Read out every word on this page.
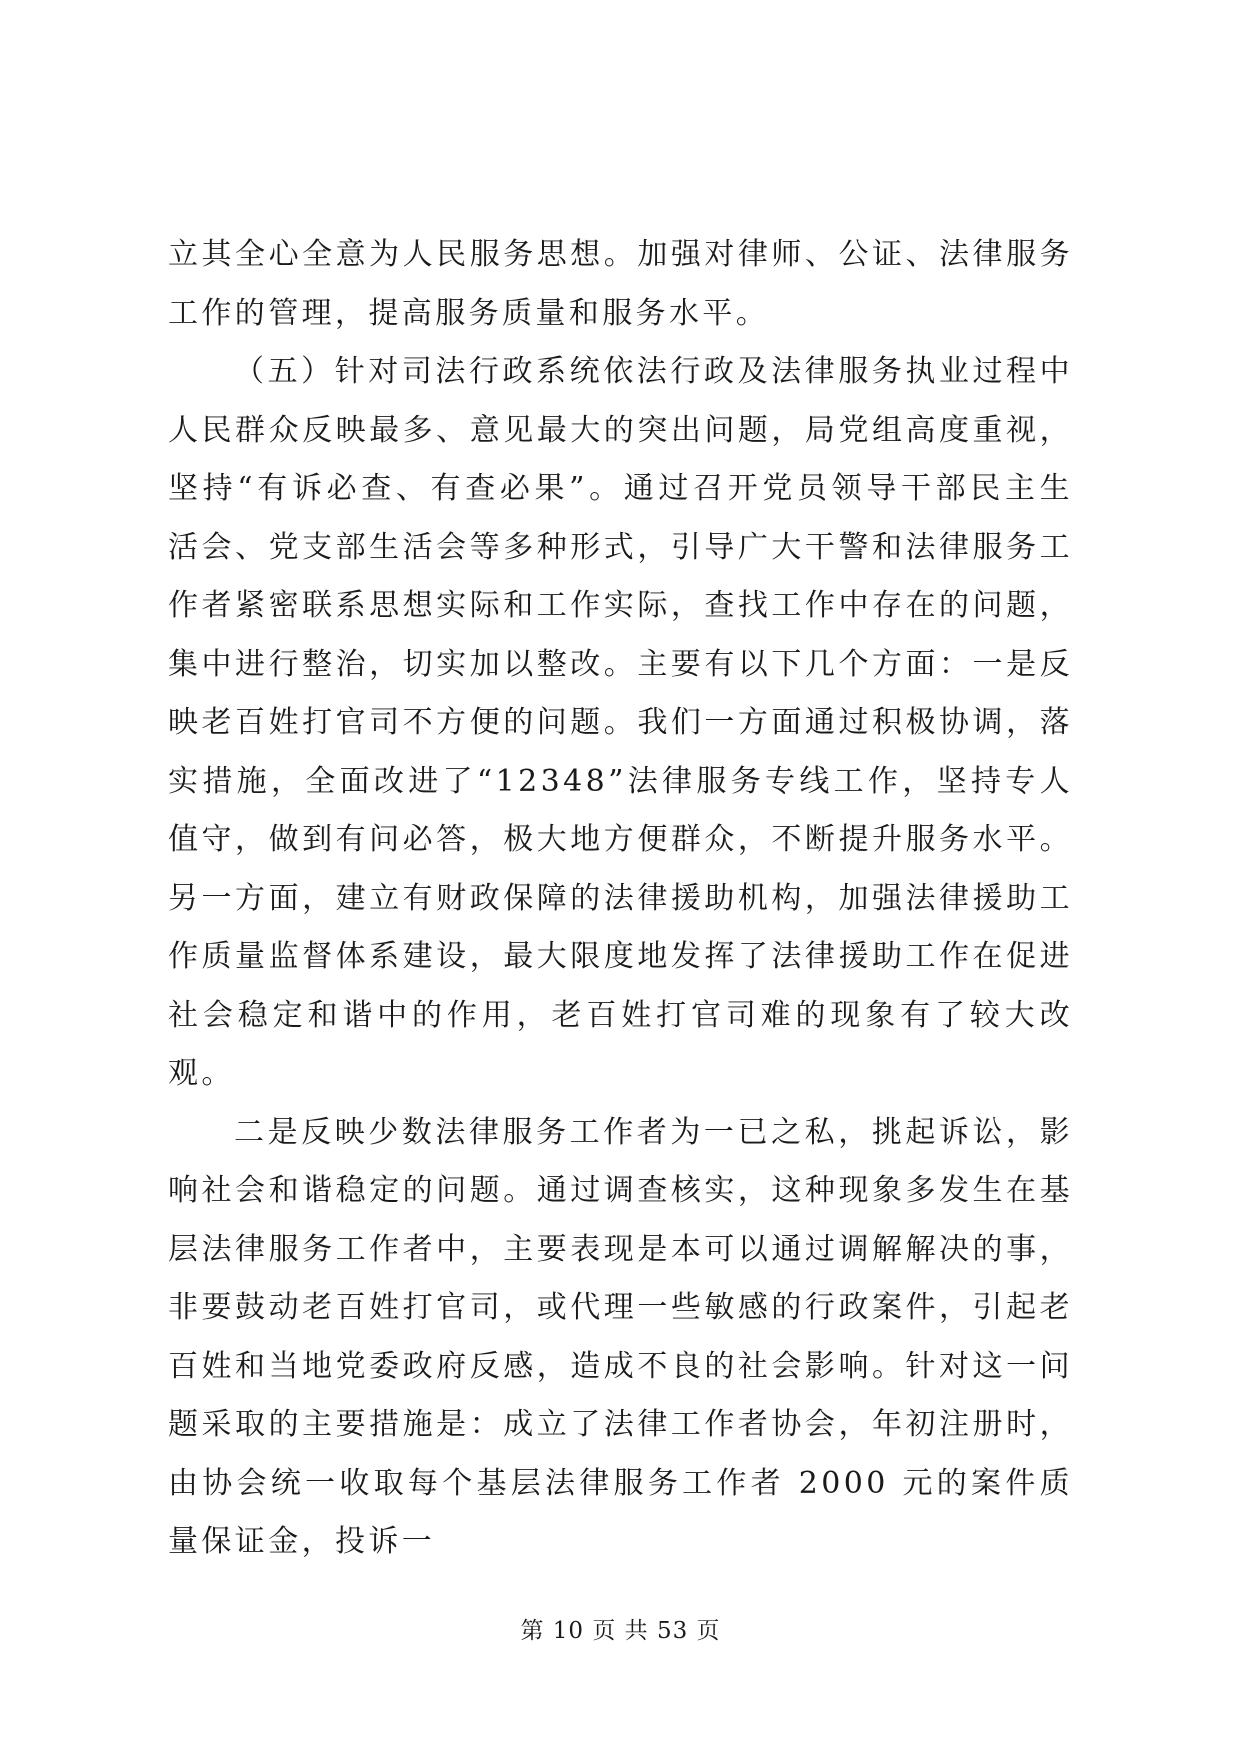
立其全心全意为人民服务思想。加强对律师、公证、法律服务工作的管理，提高服务质量和服务水平。

（五）针对司法行政系统依法行政及法律服务执业过程中人民群众反映最多、意见最大的突出问题，局党组高度重视，坚持“有诉必查、有查必果”。通过召开党员领导干部民主生活会、党支部生活会等多种形式，引导广大干警和法律服务工作者紧密联系思想实际和工作实际，查找工作中存在的问题，集中进行整治，切实加以整改。主要有以下几个方面：一是反映老百姓打官司不方便的问题。我们一方面通过积极协调，落实措施，全面改进了“12348”法律服务专线工作，坚持专人值守，做到有问必答，极大地方便群众，不断提升服务水平。另一方面，建立有财政保障的法律援助机构，加强法律援助工作质量监督体系建设，最大限度地发挥了法律援助工作在促进社会稳定和谐中的作用，老百姓打官司难的现象有了较大改观。

二是反映少数法律服务工作者为一已之私，挑起诉讼，影响社会和谐稳定的问题。通过调查核实，这种现象多发生在基层法律服务工作者中，主要表现是本可以通过调解解决的事，非要鼓动老百姓打官司，或代理一些敏感的行政案件，引起老百姓和当地党委政府反感，造成不良的社会影响。针对这一问题采取的主要措施是：成立了法律工作者协会，年初注册时，由协会统一收取每个基层法律服务工作者 2000 元的案件质量保证金，投诉一

第 10 页 共 53 页
